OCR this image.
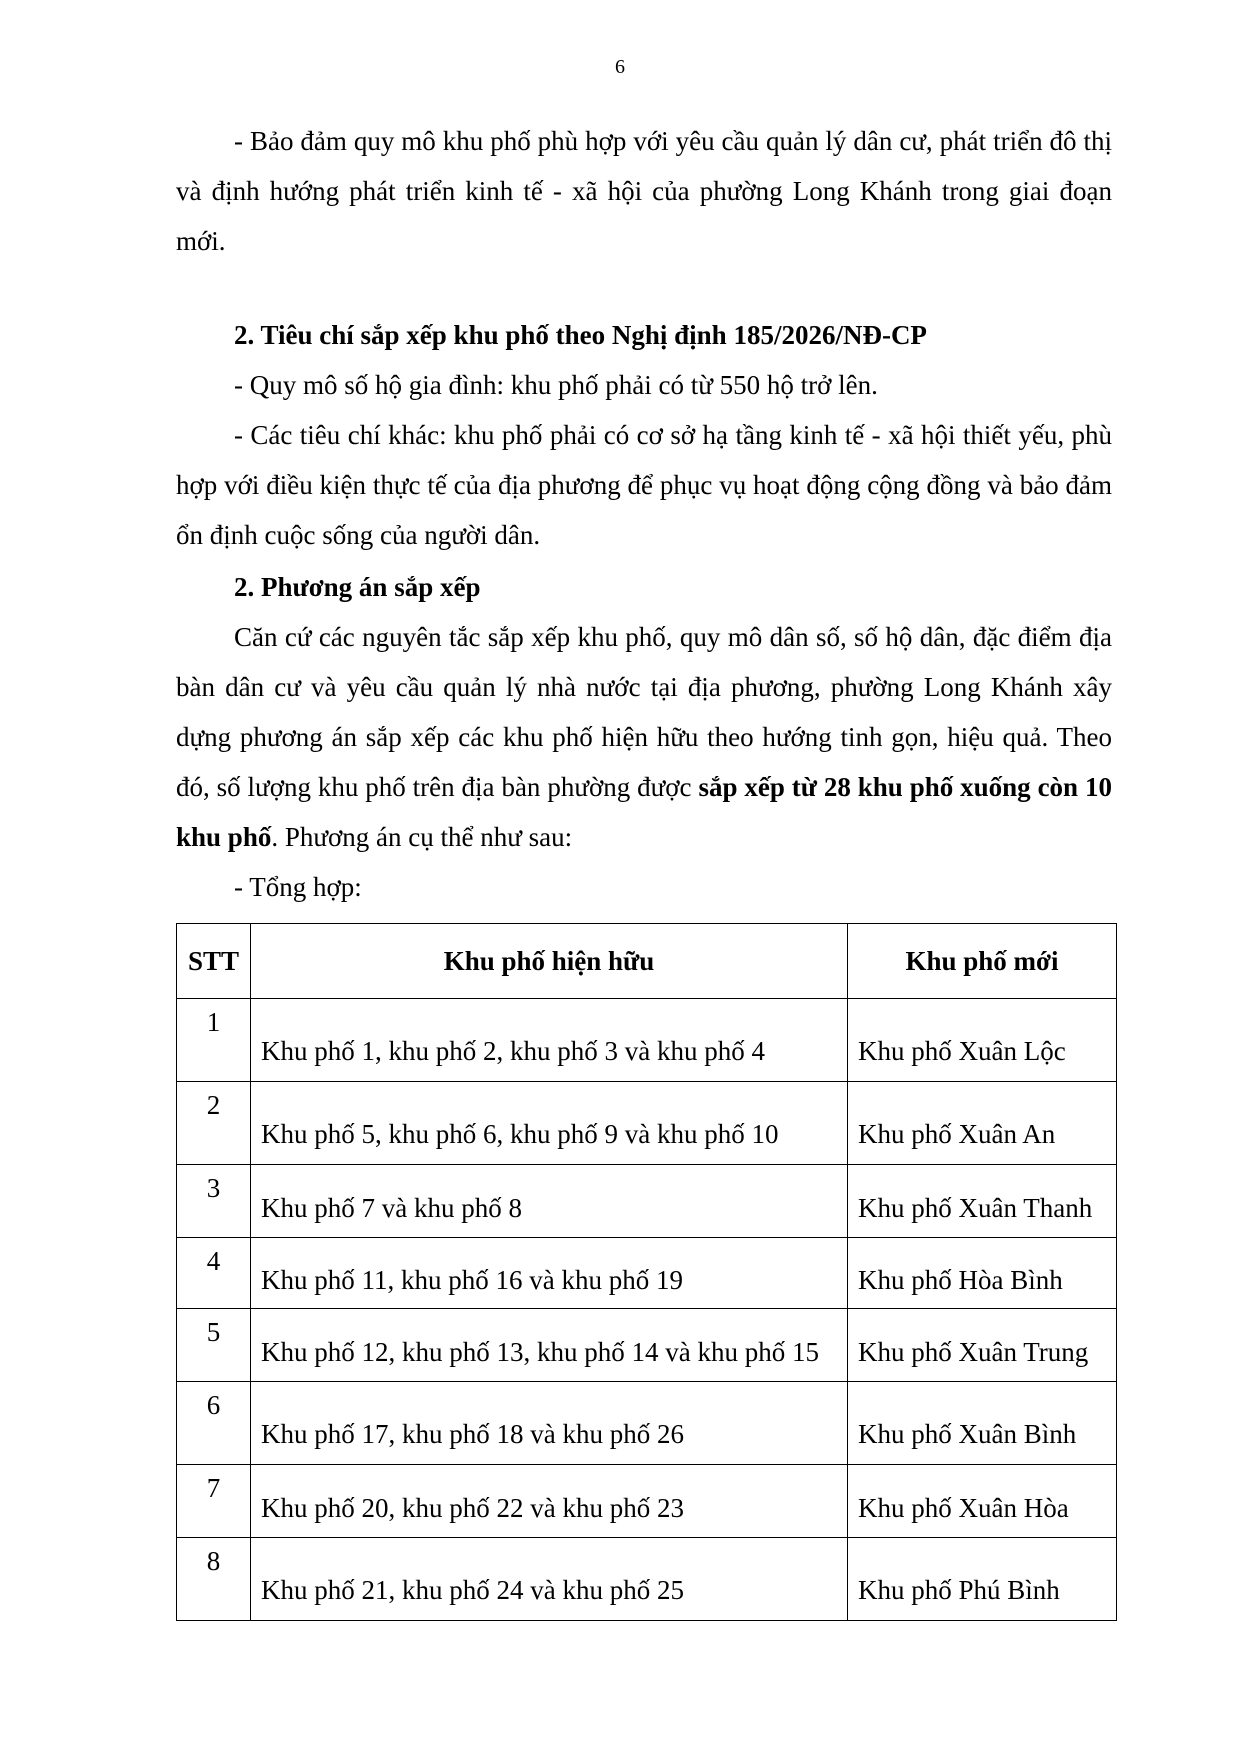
6

- Bảo đảm quy mô khu phố phù hợp với yêu cầu quản lý dân cư, phát triển đô thị và định hướng phát triển kinh tế - xã hội của phường Long Khánh trong giai đoạn mới.

2. Tiêu chí sắp xếp khu phố theo Nghị định 185/2026/NĐ-CP

- Quy mô số hộ gia đình: khu phố phải có từ 550 hộ trở lên.

- Các tiêu chí khác: khu phố phải có cơ sở hạ tầng kinh tế - xã hội thiết yếu, phù hợp với điều kiện thực tế của địa phương để phục vụ hoạt động cộng đồng và bảo đảm ổn định cuộc sống của người dân.

2. Phương án sắp xếp

Căn cứ các nguyên tắc sắp xếp khu phố, quy mô dân số, số hộ dân, đặc điểm địa bàn dân cư và yêu cầu quản lý nhà nước tại địa phương, phường Long Khánh xây dựng phương án sắp xếp các khu phố hiện hữu theo hướng tinh gọn, hiệu quả. Theo đó, số lượng khu phố trên địa bàn phường được sắp xếp từ 28 khu phố xuống còn 10 khu phố. Phương án cụ thể như sau:

- Tổng hợp:

STT	Khu phố hiện hữu	Khu phố mới

1	Khu phố 1, khu phố 2, khu phố 3 và khu phố 4	Khu phố Xuân Lộc

2	Khu phố 5, khu phố 6, khu phố 9 và khu phố 10	Khu phố Xuân An

3	Khu phố 7 và khu phố 8	Khu phố Xuân Thanh

4	Khu phố 11, khu phố 16 và khu phố 19	Khu phố Hòa Bình

5	Khu phố 12, khu phố 13, khu phố 14 và khu phố 15	Khu phố Xuân Trung

6	Khu phố 17, khu phố 18 và khu phố 26	Khu phố Xuân Bình

7	Khu phố 20, khu phố 22 và khu phố 23	Khu phố Xuân Hòa

8	Khu phố 21, khu phố 24 và khu phố 25	Khu phố Phú Bình
